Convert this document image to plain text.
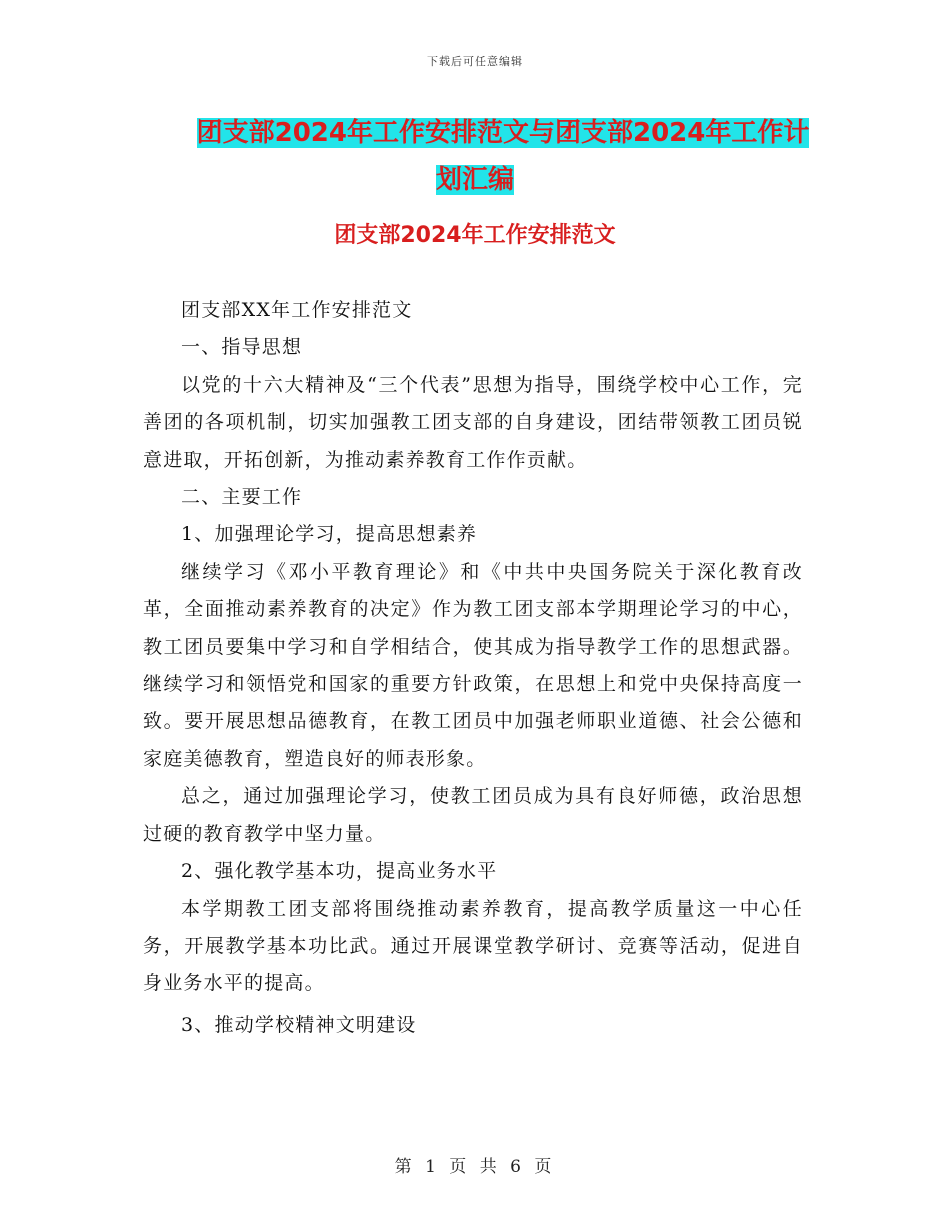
下载后可任意编辑
团支部2024年工作安排范文与团支部2024年工作计
划汇编
团支部2024年工作安排范文

团支部XX年工作安排范文

一、指导思想

以党的十六大精神及“三个代表”思想为指导，围绕学校中心工作，完善团的各项机制，切实加强教工团支部的自身建设，团结带领教工团员锐意进取，开拓创新，为推动素养教育工作作贡献。

二、主要工作

1、加强理论学习，提高思想素养

继续学习《邓小平教育理论》和《中共中央国务院关于深化教育改革，全面推动素养教育的决定》作为教工团支部本学期理论学习的中心，教工团员要集中学习和自学相结合，使其成为指导教学工作的思想武器。继续学习和领悟党和国家的重要方针政策，在思想上和党中央保持高度一致。要开展思想品德教育，在教工团员中加强老师职业道德、社会公德和家庭美德教育，塑造良好的师表形象。

总之，通过加强理论学习，使教工团员成为具有良好师德，政治思想过硬的教育教学中坚力量。

2、强化教学基本功，提高业务水平

本学期教工团支部将围绕推动素养教育，提高教学质量这一中心任务，开展教学基本功比武。通过开展课堂教学研讨、竞赛等活动，促进自身业务水平的提高。

3、推动学校精神文明建设

第 1 页 共 6 页
